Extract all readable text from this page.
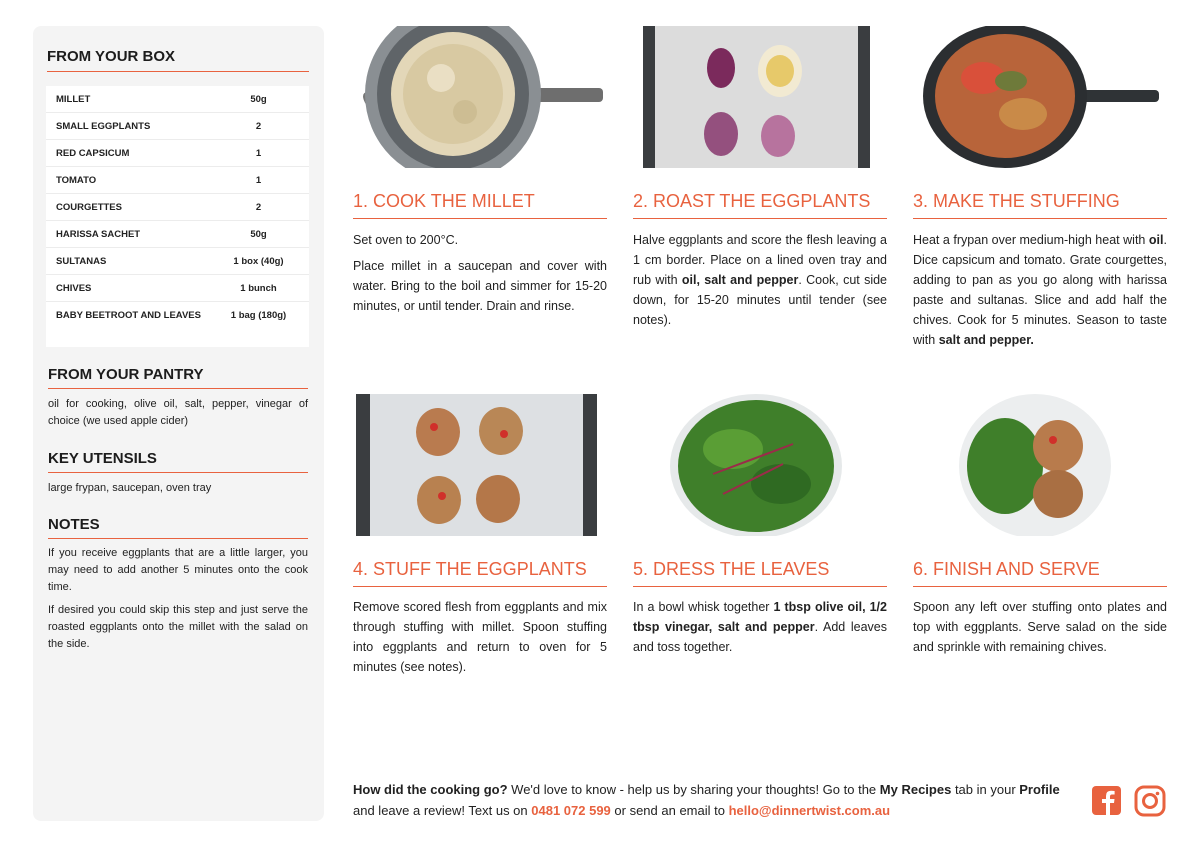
FROM YOUR BOX
MILLET	50g
SMALL EGGPLANTS	2
RED CAPSICUM	1
TOMATO	1
COURGETTES	2
HARISSA SACHET	50g
SULTANAS	1 box (40g)
CHIVES	1 bunch
BABY BEETROOT AND LEAVES	1 bag (180g)
FROM YOUR PANTRY
oil for cooking, olive oil, salt, pepper, vinegar of choice (we used apple cider)
KEY UTENSILS
large frypan, saucepan, oven tray
NOTES

If you receive eggplants that are a little larger, you may need to add another 5 minutes onto the cook time.

If desired you could skip this step and just serve the roasted eggplants onto the millet with the salad on the side.

1. COOK THE MILLET

Set oven to 200°C.

Place millet in a saucepan and cover with water. Bring to the boil and simmer for 15-20 minutes, or until tender. Drain and rinse.

2. ROAST THE EGGPLANTS
Halve eggplants and score the flesh leaving a 1 cm border. Place on a lined oven tray and rub with oil, salt and pepper. Cook, cut side down, for 15-20 minutes until tender (see notes).
3. MAKE THE STUFFING
Heat a frypan over medium-high heat with oil. Dice capsicum and tomato. Grate courgettes, adding to pan as you go along with harissa paste and sultanas. Slice and add half the chives. Cook for 5 minutes. Season to taste with salt and pepper.
4. STUFF THE EGGPLANTS
Remove scored flesh from eggplants and mix through stuffing with millet. Spoon stuffing into eggplants and return to oven for 5 minutes (see notes).
5. DRESS THE LEAVES
In a bowl whisk together 1 tbsp olive oil, 1/2 tbsp vinegar, salt and pepper. Add leaves and toss together.
6. FINISH AND SERVE
Spoon any left over stuffing onto plates and top with eggplants. Serve salad on the side and sprinkle with remaining chives.
How did the cooking go? We'd love to know - help us by sharing your thoughts! Go to the My Recipes tab in your Profile and leave a review! Text us on 0481 072 599 or send an email to hello@dinnertwist.com.au
